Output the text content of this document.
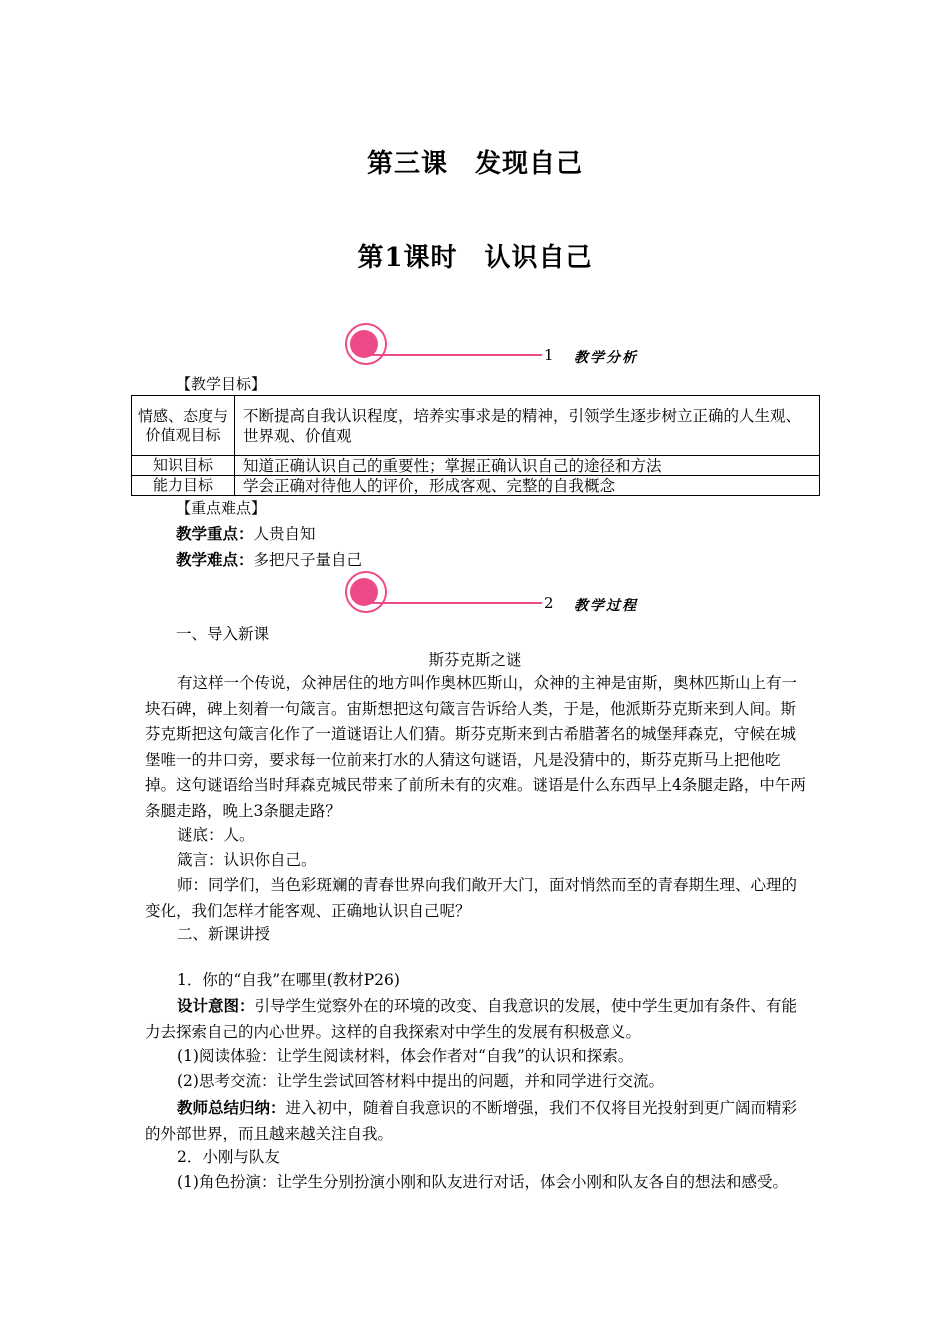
第三课　发现自己
第1课时　认识自己
1 教学分析
【教学目标】
情感、态度与价值观目标	不断提高自我认识程度，培养实事求是的精神，引领学生逐步树立正确的人生观、世界观、价值观
知识目标	知道正确认识自己的重要性；掌握正确认识自己的途径和方法
能力目标	学会正确对待他人的评价，形成客观、完整的自我概念
【重点难点】
教学重点：人贵自知
教学难点：多把尺子量自己
2 教学过程
一、导入新课
斯芬克斯之谜
有这样一个传说，众神居住的地方叫作奥林匹斯山，众神的主神是宙斯，奥林匹斯山上有一块石碑，碑上刻着一句箴言。宙斯想把这句箴言告诉给人类，于是，他派斯芬克斯来到人间。斯芬克斯把这句箴言化作了一道谜语让人们猜。斯芬克斯来到古希腊著名的城堡拜森克，守候在城堡唯一的井口旁，要求每一位前来打水的人猜这句谜语，凡是没猜中的，斯芬克斯马上把他吃掉。这句谜语给当时拜森克城民带来了前所未有的灾难。谜语是什么东西早上4条腿走路，中午两条腿走路，晚上3条腿走路？
谜底：人。
箴言：认识你自己。
师：同学们，当色彩斑斓的青春世界向我们敞开大门，面对悄然而至的青春期生理、心理的变化，我们怎样才能客观、正确地认识自己呢？
二、新课讲授
1．你的“自我”在哪里(教材P26)
设计意图：引导学生觉察外在的环境的改变、自我意识的发展，使中学生更加有条件、有能力去探索自己的内心世界。这样的自我探索对中学生的发展有积极意义。
(1)阅读体验：让学生阅读材料，体会作者对“自我”的认识和探索。
(2)思考交流：让学生尝试回答材料中提出的问题，并和同学进行交流。
教师总结归纳：进入初中，随着自我意识的不断增强，我们不仅将目光投射到更广阔而精彩的外部世界，而且越来越关注自我。
2．小刚与队友
(1)角色扮演：让学生分别扮演小刚和队友进行对话，体会小刚和队友各自的想法和感受。
